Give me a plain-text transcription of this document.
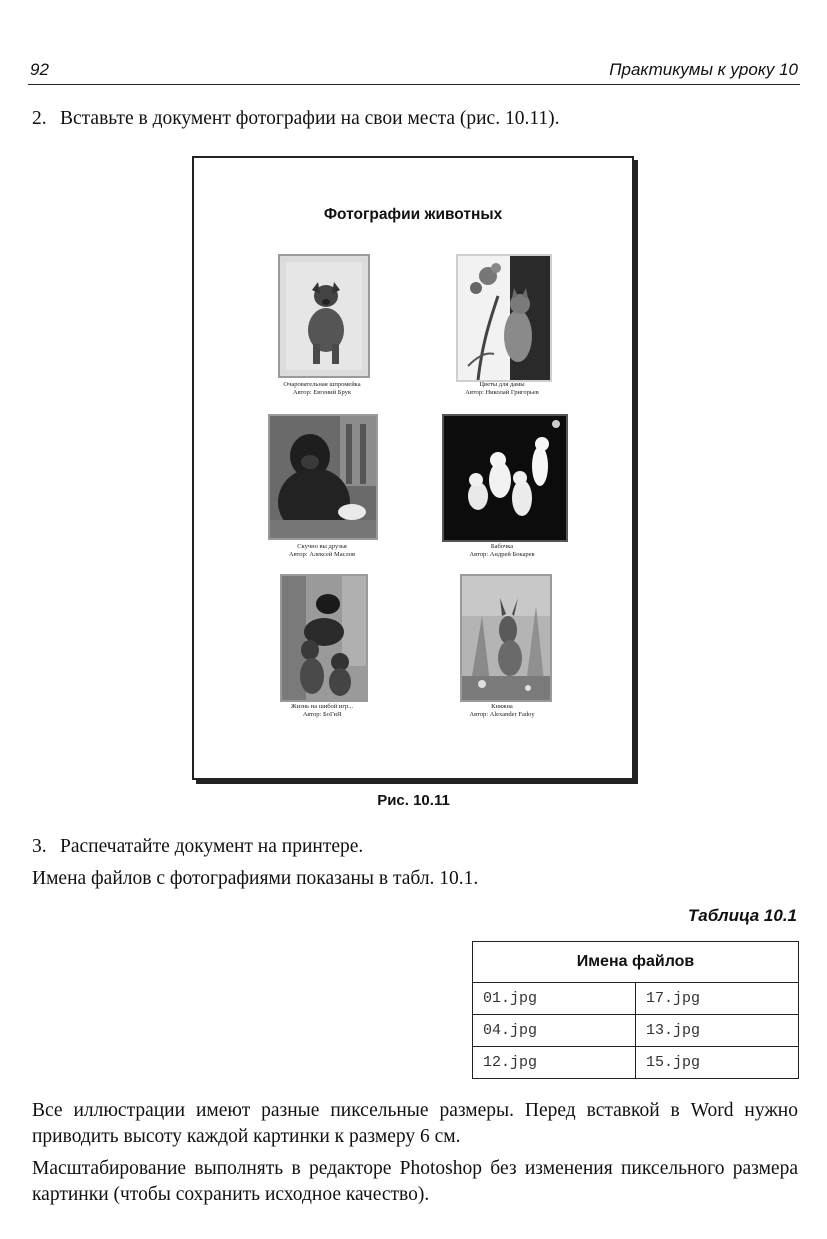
92	Практикумы к уроку 10
2. Вставьте в документ фотографии на свои места (рис. 10.11).
Фотографии животных
Очаровательная шпромейка
Автор: Евгений Брук
Цветы для дамы
Автор: Николай Григорьев
Скучно вы друзья
Автор: Алексей Маслов
Бабочка
Автор: Андрей Бокарев
Жизнь на шибой игр...
Автор: БоГиЯ
Княжна
Автор: Alexander Fadoy
Рис. 10.11
3. Распечатайте документ на принтере.
Имена файлов с фотографиями показаны в табл. 10.1.
Таблица 10.1
Имена файлов	
01.jpg	17.jpg
04.jpg	13.jpg
12.jpg	15.jpg
Все иллюстрации имеют разные пиксельные размеры. Перед вставкой в Word нужно приводить высоту каждой картинки к размеру 6 см.
Масштабирование выполнять в редакторе Photoshop без изменения пиксельного размера картинки (чтобы сохранить исходное качество).
